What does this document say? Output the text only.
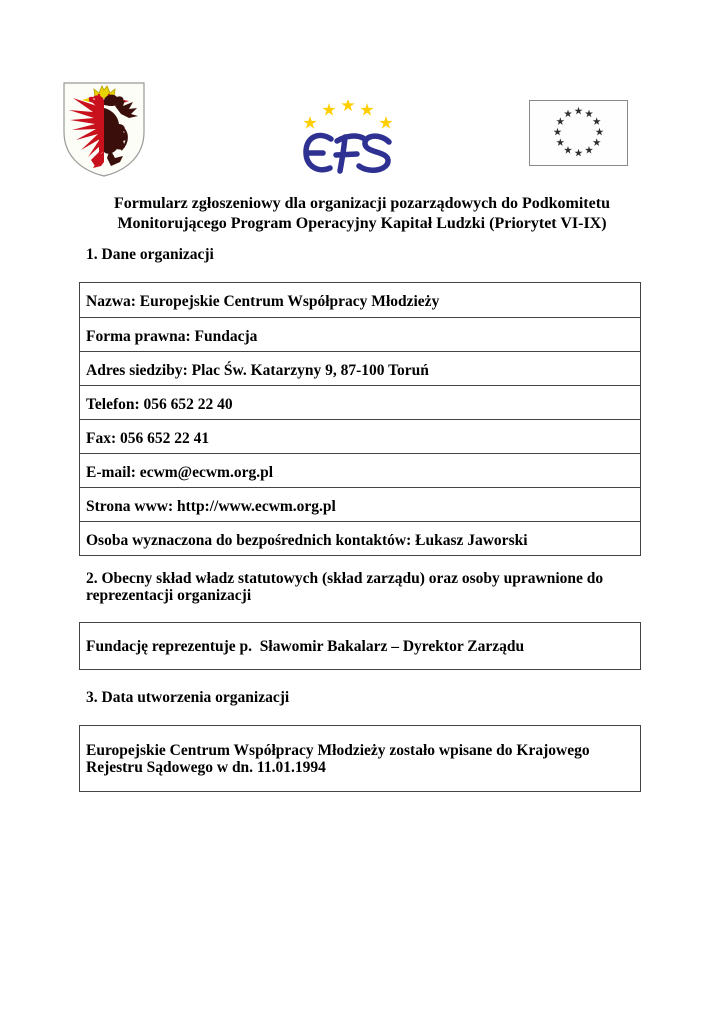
Formularz zgłoszeniowy dla organizacji pozarządowych do Podkomitetu
Monitorującego Program Operacyjny Kapitał Ludzki (Priorytet VI-IX)
1. Dane organizacji
Nazwa: Europejskie Centrum Współpracy Młodzieży
Forma prawna: Fundacja
Adres siedziby: Plac Św. Katarzyny 9, 87-100 Toruń
Telefon: 056 652 22 40
Fax: 056 652 22 41
E-mail: ecwm@ecwm.org.pl
Strona www: http://www.ecwm.org.pl
Osoba wyznaczona do bezpośrednich kontaktów: Łukasz Jaworski
2. Obecny skład władz statutowych (skład zarządu) oraz osoby uprawnione do reprezentacji organizacji
Fundację reprezentuje p.  Sławomir Bakalarz – Dyrektor Zarządu
3. Data utworzenia organizacji
Europejskie Centrum Współpracy Młodzieży zostało wpisane do Krajowego Rejestru Sądowego w dn. 11.01.1994
